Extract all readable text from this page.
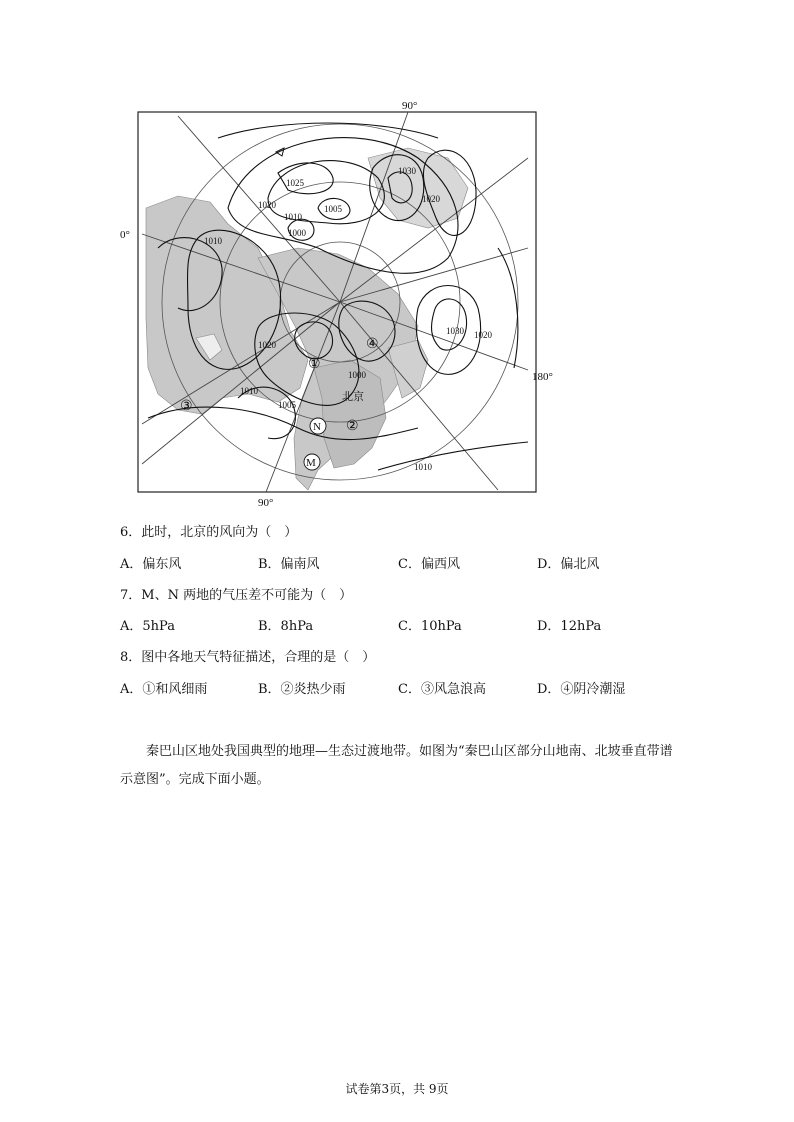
1025
1020
1010
1000
1005
1030
1020
1010
1030 1020
1020
1010
1005
1000
1010
90°
0°
180°
90°
北京
N
M
①
②
③
④
6．此时，北京的风向为（　）
A．偏东风	B．偏南风	C．偏西风	D．偏北风
7．M、N 两地的气压差不可能为（　）
A．5hPa	B．8hPa	C．10hPa	D．12hPa
8．图中各地天气特征描述，合理的是（　）
A．①和风细雨	B．②炎热少雨	C．③风急浪高	D．④阴冷潮湿

秦巴山区地处我国典型的地理—生态过渡地带。如图为“秦巴山区部分山地南、北坡垂直带谱示意图”。完成下面小题。

试卷第3页，共 9页
